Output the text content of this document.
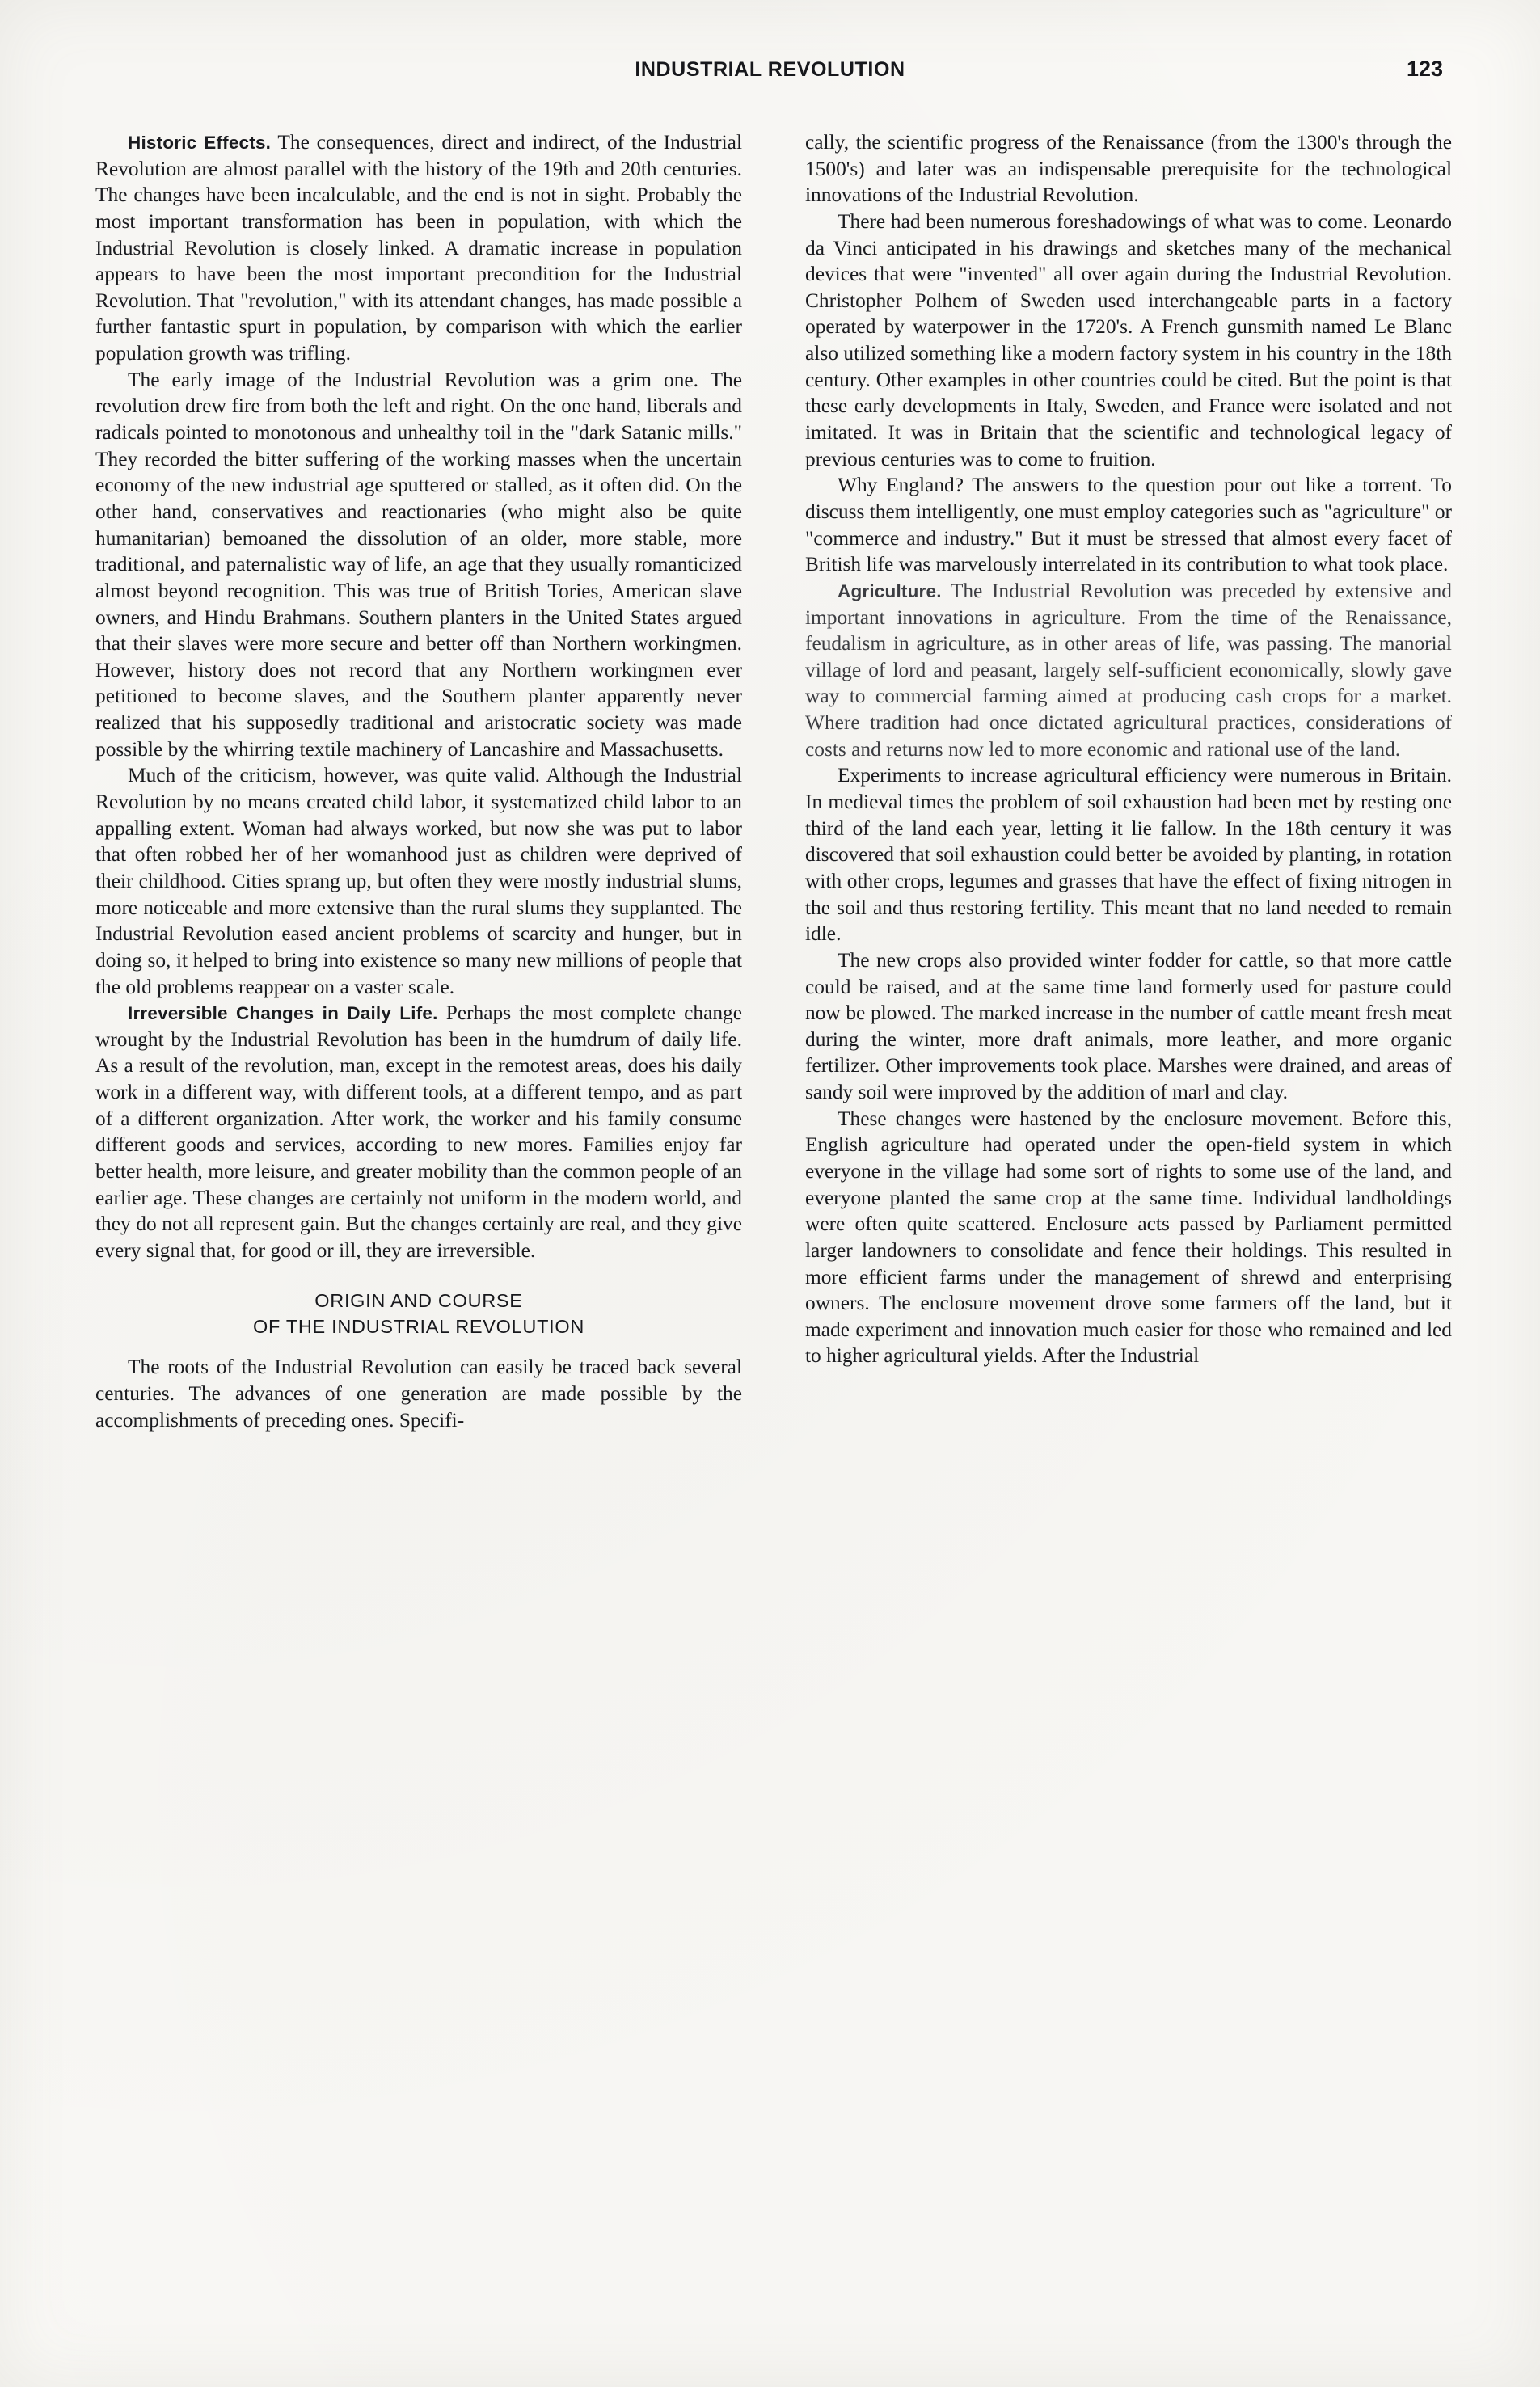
INDUSTRIAL REVOLUTION	123

Historic Effects. The consequences, direct and indirect, of the Industrial Revolution are almost parallel with the history of the 19th and 20th centuries. The changes have been incalculable, and the end is not in sight. Probably the most important transformation has been in population, with which the Industrial Revolution is closely linked. A dramatic increase in population appears to have been the most important precondition for the Industrial Revolution. That "revolution," with its attendant changes, has made possible a further fantastic spurt in population, by comparison with which the earlier population growth was trifling.

The early image of the Industrial Revolution was a grim one. The revolution drew fire from both the left and right. On the one hand, liberals and radicals pointed to monotonous and unhealthy toil in the "dark Satanic mills." They recorded the bitter suffering of the working masses when the uncertain economy of the new industrial age sputtered or stalled, as it often did. On the other hand, conservatives and reactionaries (who might also be quite humanitarian) bemoaned the dissolution of an older, more stable, more traditional, and paternalistic way of life, an age that they usually romanticized almost beyond recognition. This was true of British Tories, American slave owners, and Hindu Brahmans. Southern planters in the United States argued that their slaves were more secure and better off than Northern workingmen. However, history does not record that any Northern workingmen ever petitioned to become slaves, and the Southern planter apparently never realized that his supposedly traditional and aristocratic society was made possible by the whirring textile machinery of Lancashire and Massachusetts.

Much of the criticism, however, was quite valid. Although the Industrial Revolution by no means created child labor, it systematized child labor to an appalling extent. Woman had always worked, but now she was put to labor that often robbed her of her womanhood just as children were deprived of their childhood. Cities sprang up, but often they were mostly industrial slums, more noticeable and more extensive than the rural slums they supplanted. The Industrial Revolution eased ancient problems of scarcity and hunger, but in doing so, it helped to bring into existence so many new millions of people that the old problems reappear on a vaster scale.

Irreversible Changes in Daily Life. Perhaps the most complete change wrought by the Industrial Revolution has been in the humdrum of daily life. As a result of the revolution, man, except in the remotest areas, does his daily work in a different way, with different tools, at a different tempo, and as part of a different organization. After work, the worker and his family consume different goods and services, according to new mores. Families enjoy far better health, more leisure, and greater mobility than the common people of an earlier age. These changes are certainly not uniform in the modern world, and they do not all represent gain. But the changes certainly are real, and they give every signal that, for good or ill, they are irreversible.

ORIGIN AND COURSE
OF THE INDUSTRIAL REVOLUTION

The roots of the Industrial Revolution can easily be traced back several centuries. The advances of one generation are made possible by the accomplishments of preceding ones. Specifi-

cally, the scientific progress of the Renaissance (from the 1300's through the 1500's) and later was an indispensable prerequisite for the technological innovations of the Industrial Revolution.

There had been numerous foreshadowings of what was to come. Leonardo da Vinci anticipated in his drawings and sketches many of the mechanical devices that were "invented" all over again during the Industrial Revolution. Christopher Polhem of Sweden used interchangeable parts in a factory operated by waterpower in the 1720's. A French gunsmith named Le Blanc also utilized something like a modern factory system in his country in the 18th century. Other examples in other countries could be cited. But the point is that these early developments in Italy, Sweden, and France were isolated and not imitated. It was in Britain that the scientific and technological legacy of previous centuries was to come to fruition.

Why England? The answers to the question pour out like a torrent. To discuss them intelligently, one must employ categories such as "agriculture" or "commerce and industry." But it must be stressed that almost every facet of British life was marvelously interrelated in its contribution to what took place.

Agriculture. The Industrial Revolution was preceded by extensive and important innovations in agriculture. From the time of the Renaissance, feudalism in agriculture, as in other areas of life, was passing. The manorial village of lord and peasant, largely self-sufficient economically, slowly gave way to commercial farming aimed at producing cash crops for a market. Where tradition had once dictated agricultural practices, considerations of costs and returns now led to more economic and rational use of the land.

Experiments to increase agricultural efficiency were numerous in Britain. In medieval times the problem of soil exhaustion had been met by resting one third of the land each year, letting it lie fallow. In the 18th century it was discovered that soil exhaustion could better be avoided by planting, in rotation with other crops, legumes and grasses that have the effect of fixing nitrogen in the soil and thus restoring fertility. This meant that no land needed to remain idle.

The new crops also provided winter fodder for cattle, so that more cattle could be raised, and at the same time land formerly used for pasture could now be plowed. The marked increase in the number of cattle meant fresh meat during the winter, more draft animals, more leather, and more organic fertilizer. Other improvements took place. Marshes were drained, and areas of sandy soil were improved by the addition of marl and clay.

These changes were hastened by the enclosure movement. Before this, English agriculture had operated under the open-field system in which everyone in the village had some sort of rights to some use of the land, and everyone planted the same crop at the same time. Individual landholdings were often quite scattered. Enclosure acts passed by Parliament permitted larger landowners to consolidate and fence their holdings. This resulted in more efficient farms under the management of shrewd and enterprising owners. The enclosure movement drove some farmers off the land, but it made experiment and innovation much easier for those who remained and led to higher agricultural yields. After the Industrial
